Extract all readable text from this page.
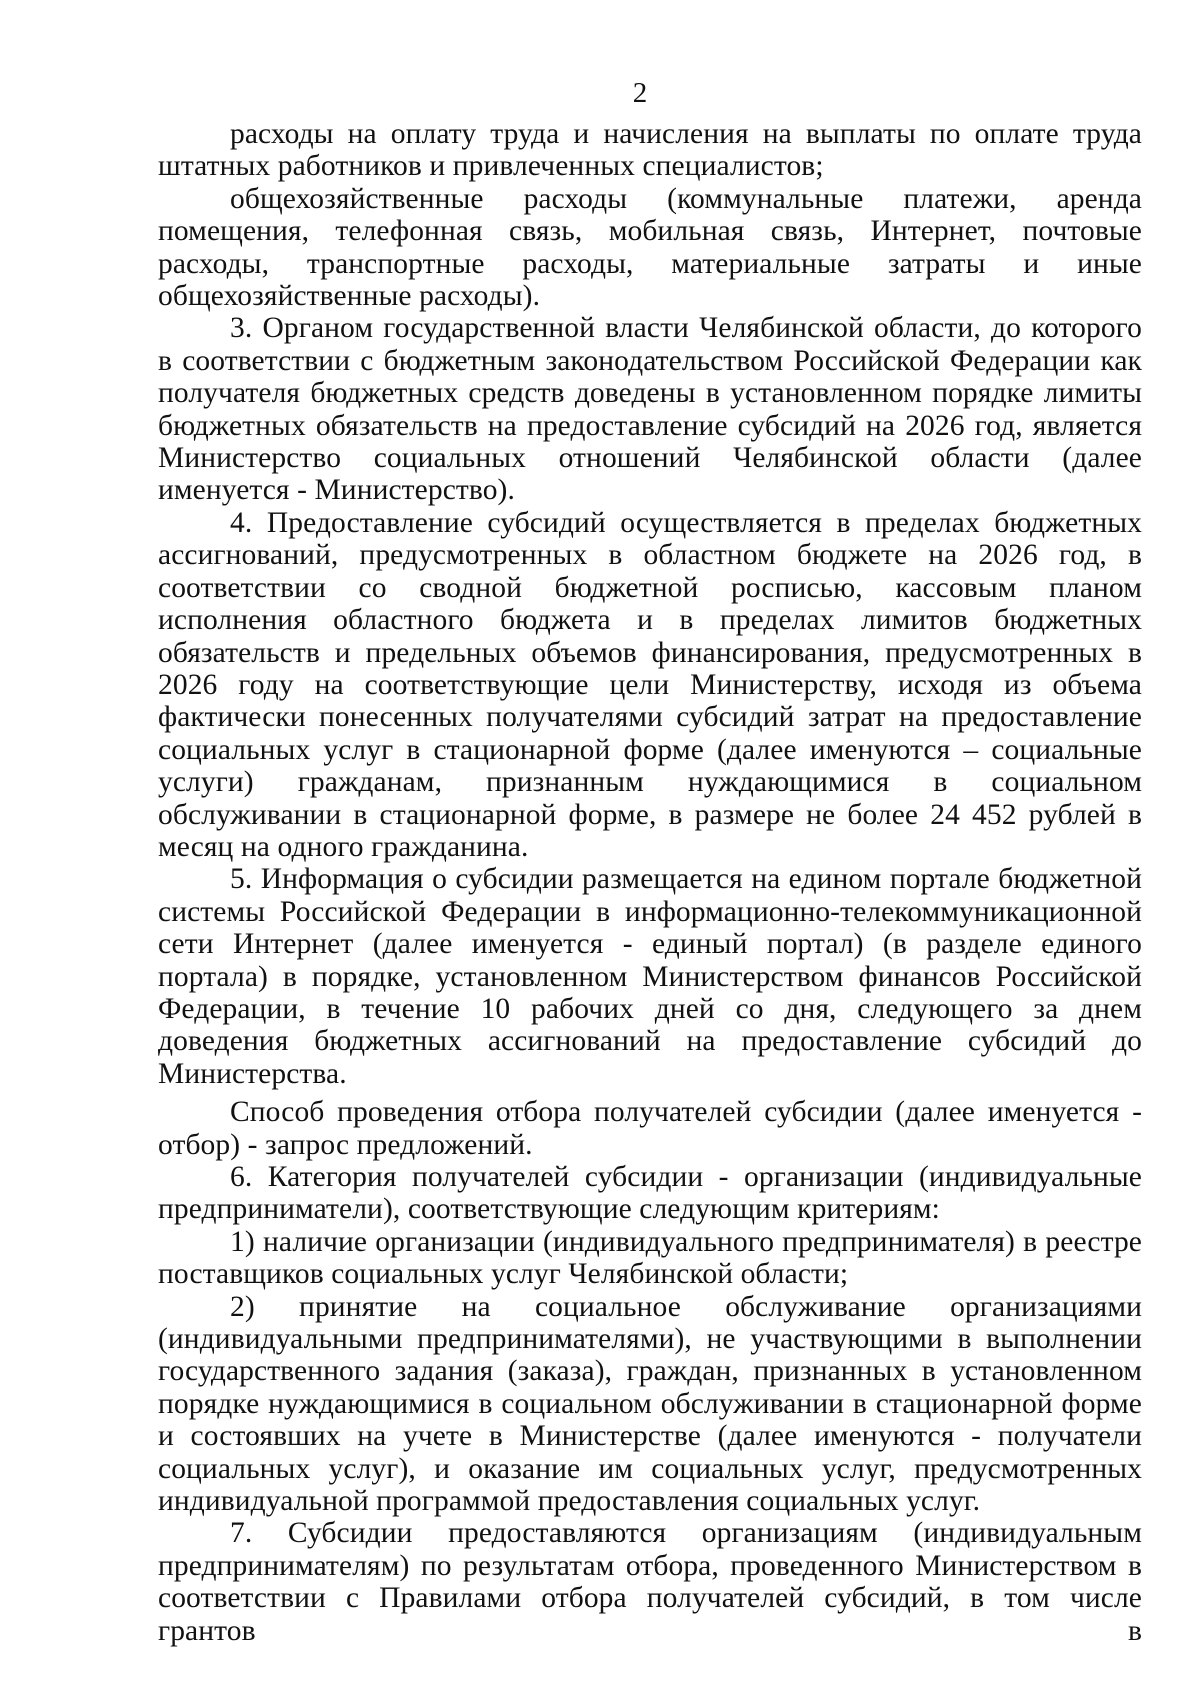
2

расходы на оплату труда и начисления на выплаты по оплате труда штатных работников и привлеченных специалистов;

общехозяйственные расходы (коммунальные платежи, аренда помещения, телефонная связь, мобильная связь, Интернет, почтовые расходы, транспортные расходы, материальные затраты и иные общехозяйственные расходы).

3. Органом государственной власти Челябинской области, до которого в соответствии с бюджетным законодательством Российской Федерации как получателя бюджетных средств доведены в установленном порядке лимиты бюджетных обязательств на предоставление субсидий на 2026 год, является Министерство социальных отношений Челябинской области (далее именуется - Министерство).

4. Предоставление субсидий осуществляется в пределах бюджетных ассигнований, предусмотренных в областном бюджете на 2026 год, в соответствии со сводной бюджетной росписью, кассовым планом исполнения областного бюджета и в пределах лимитов бюджетных обязательств и предельных объемов финансирования, предусмотренных в 2026 году на соответствующие цели Министерству, исходя из объема фактически понесенных получателями субсидий затрат на предоставление социальных услуг в стационарной форме (далее именуются – социальные услуги) гражданам, признанным нуждающимися в социальном обслуживании в стационарной форме, в размере не более 24 452 рублей в месяц на одного гражданина.

5. Информация о субсидии размещается на едином портале бюджетной системы Российской Федерации в информационно-телекоммуникационной сети Интернет (далее именуется - единый портал) (в разделе единого портала) в порядке, установленном Министерством финансов Российской Федерации, в течение 10 рабочих дней со дня, следующего за днем доведения бюджетных ассигнований на предоставление субсидий до Министерства.

Способ проведения отбора получателей субсидии (далее именуется - отбор) - запрос предложений.

6. Категория получателей субсидии - организации (индивидуальные предприниматели), соответствующие следующим критериям:

1) наличие организации (индивидуального предпринимателя) в реестре поставщиков социальных услуг Челябинской области;

2) принятие на социальное обслуживание организациями (индивидуальными предпринимателями), не участвующими в выполнении государственного задания (заказа), граждан, признанных в установленном порядке нуждающимися в социальном обслуживании в стационарной форме и состоявших на учете в Министерстве (далее именуются - получатели социальных услуг), и оказание им социальных услуг, предусмотренных индивидуальной программой предоставления социальных услуг.

7. Субсидии предоставляются организациям (индивидуальным предпринимателям) по результатам отбора, проведенного Министерством в соответствии с Правилами отбора получателей субсидий, в том числе грантов в
